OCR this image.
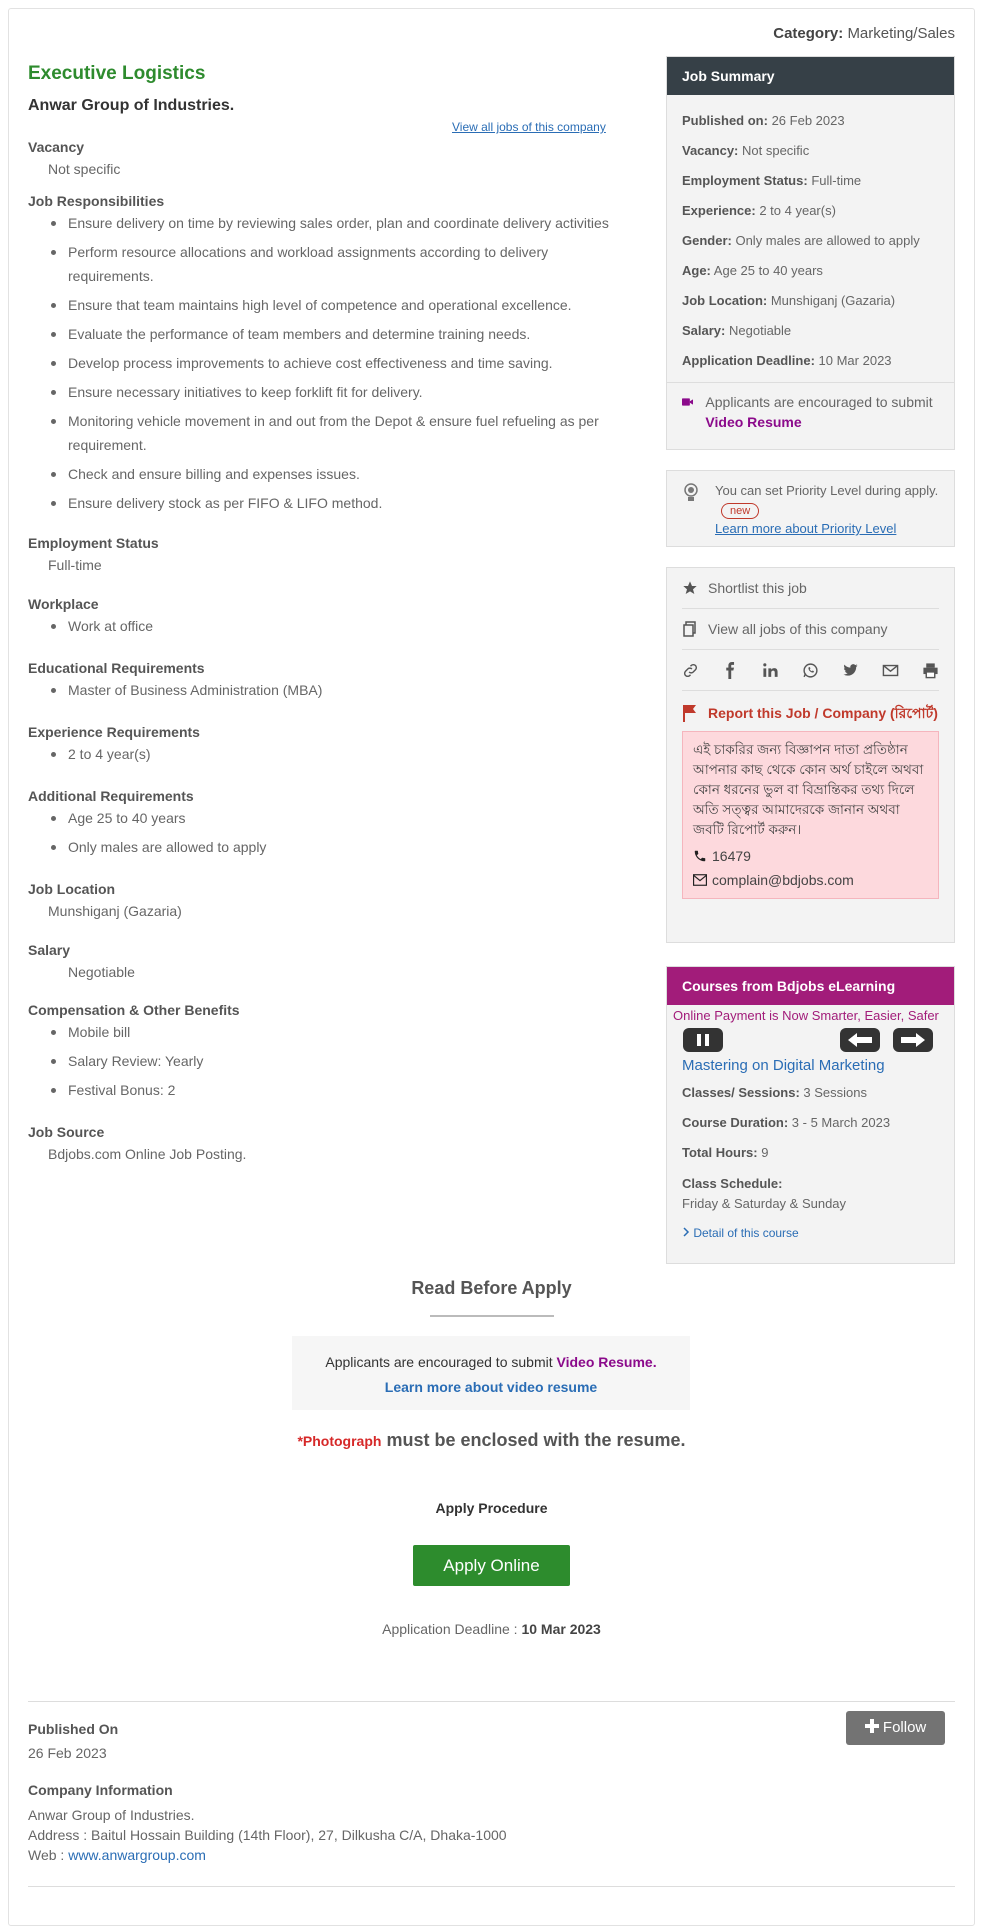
Category: Marketing/Sales
Executive Logistics
Anwar Group of Industries.
View all jobs of this company
Vacancy
Not specific
Job Responsibilities
Ensure delivery on time by reviewing sales order, plan and coordinate delivery activities
Perform resource allocations and workload assignments according to delivery requirements.
Ensure that team maintains high level of competence and operational excellence.
Evaluate the performance of team members and determine training needs.
Develop process improvements to achieve cost effectiveness and time saving.
Ensure necessary initiatives to keep forklift fit for delivery.
Monitoring vehicle movement in and out from the Depot & ensure fuel refueling as per requirement.
Check and ensure billing and expenses issues.
Ensure delivery stock as per FIFO & LIFO method.
Employment Status
Full-time
Workplace
Work at office
Educational Requirements
Master of Business Administration (MBA)
Experience Requirements
2 to 4 year(s)
Additional Requirements
Age 25 to 40 years
Only males are allowed to apply
Job Location
Munshiganj (Gazaria)
Salary
Negotiable
Compensation & Other Benefits
Mobile bill
Salary Review: Yearly
Festival Bonus: 2
Job Source
Bdjobs.com Online Job Posting.
Job Summary
Published on: 26 Feb 2023
Vacancy: Not specific
Employment Status: Full-time
Experience: 2 to 4 year(s)
Gender: Only males are allowed to apply
Age: Age 25 to 40 years
Job Location: Munshiganj (Gazaria)
Salary: Negotiable
Application Deadline: 10 Mar 2023
Applicants are encouraged to submit Video Resume
You can set Priority Level during apply.new
Learn more about Priority Level
Shortlist this job
View all jobs of this company
Report this Job / Company (রিপোর্ট)
এই চাকরির জন্য বিজ্ঞাপন দাতা প্রতিষ্ঠান আপনার কাছ থেকে কোন অর্থ চাইলে অথবা কোন ধরনের ভুল বা বিভ্রান্তিকর তথ্য দিলে অতি সত্ত্বর আমাদেরকে জানান অথবা জবটি রিপোর্ট করুন।
16479
complain@bdjobs.com
Courses from Bdjobs eLearning
Online Payment is Now Smarter, Easier, Safer
Mastering on Digital Marketing
Classes/ Sessions: 3 Sessions
Course Duration: 3 - 5 March 2023
Total Hours: 9
Class Schedule:
Friday & Saturday & Sunday
Detail of this course
Read Before Apply
Applicants are encouraged to submit Video Resume.
Learn more about video resume
*Photograph must be enclosed with the resume.
Apply Procedure
Apply Online
Application Deadline : 10 Mar 2023
Published On
26 Feb 2023
Follow
Company Information
Anwar Group of Industries.
Address : Baitul Hossain Building (14th Floor), 27, Dilkusha C/A, Dhaka-1000
Web : www.anwargroup.com
